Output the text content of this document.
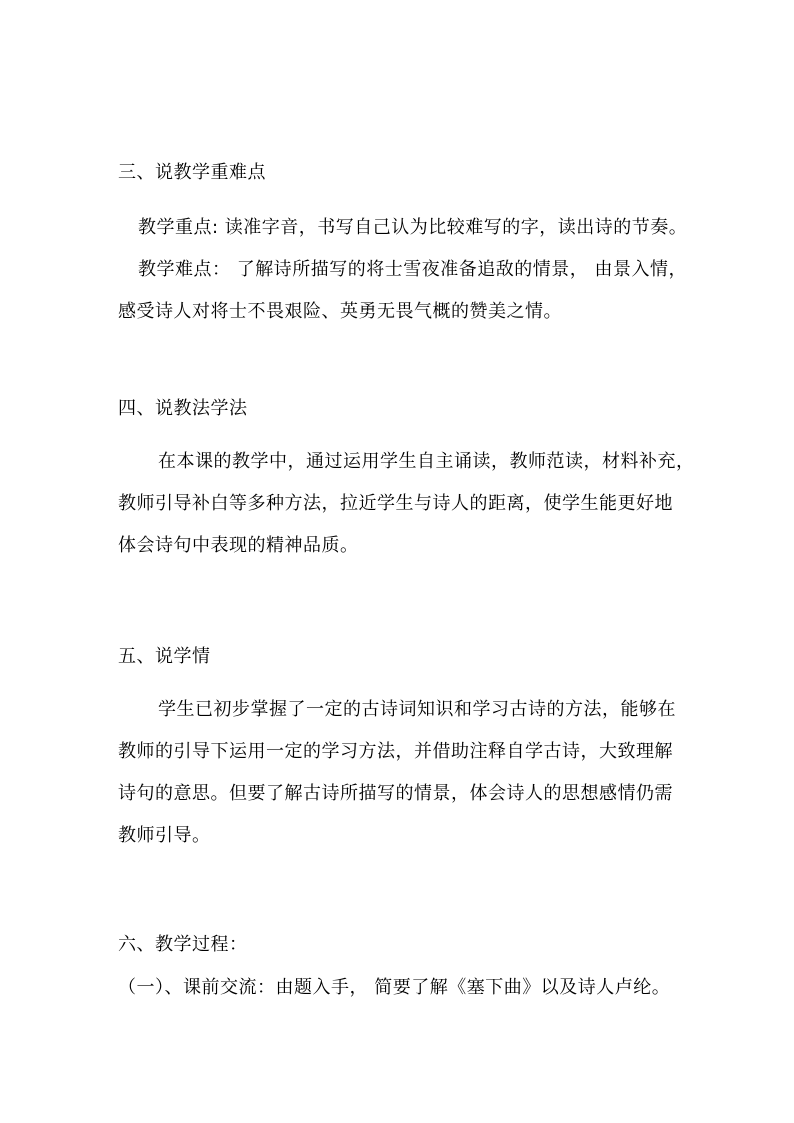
三、说教学重难点
教学重点: 读准字音，书写自己认为比较难写的字，读出诗的节奏。
教学难点： 了解诗所描写的将士雪夜准备追敌的情景， 由景入情，
感受诗人对将士不畏艰险、英勇无畏气概的赞美之情。
四、说教法学法
在本课的教学中，通过运用学生自主诵读，教师范读，材料补充，
教师引导补白等多种方法，拉近学生与诗人的距离，使学生能更好地
体会诗句中表现的精神品质。
五、说学情
学生已初步掌握了一定的古诗词知识和学习古诗的方法，能够在
教师的引导下运用一定的学习方法，并借助注释自学古诗，大致理解
诗句的意思。但要了解古诗所描写的情景，体会诗人的思想感情仍需
教师引导。
六、教学过程：
（一）、课前交流：由题入手， 简要了解《塞下曲》以及诗人卢纶。
